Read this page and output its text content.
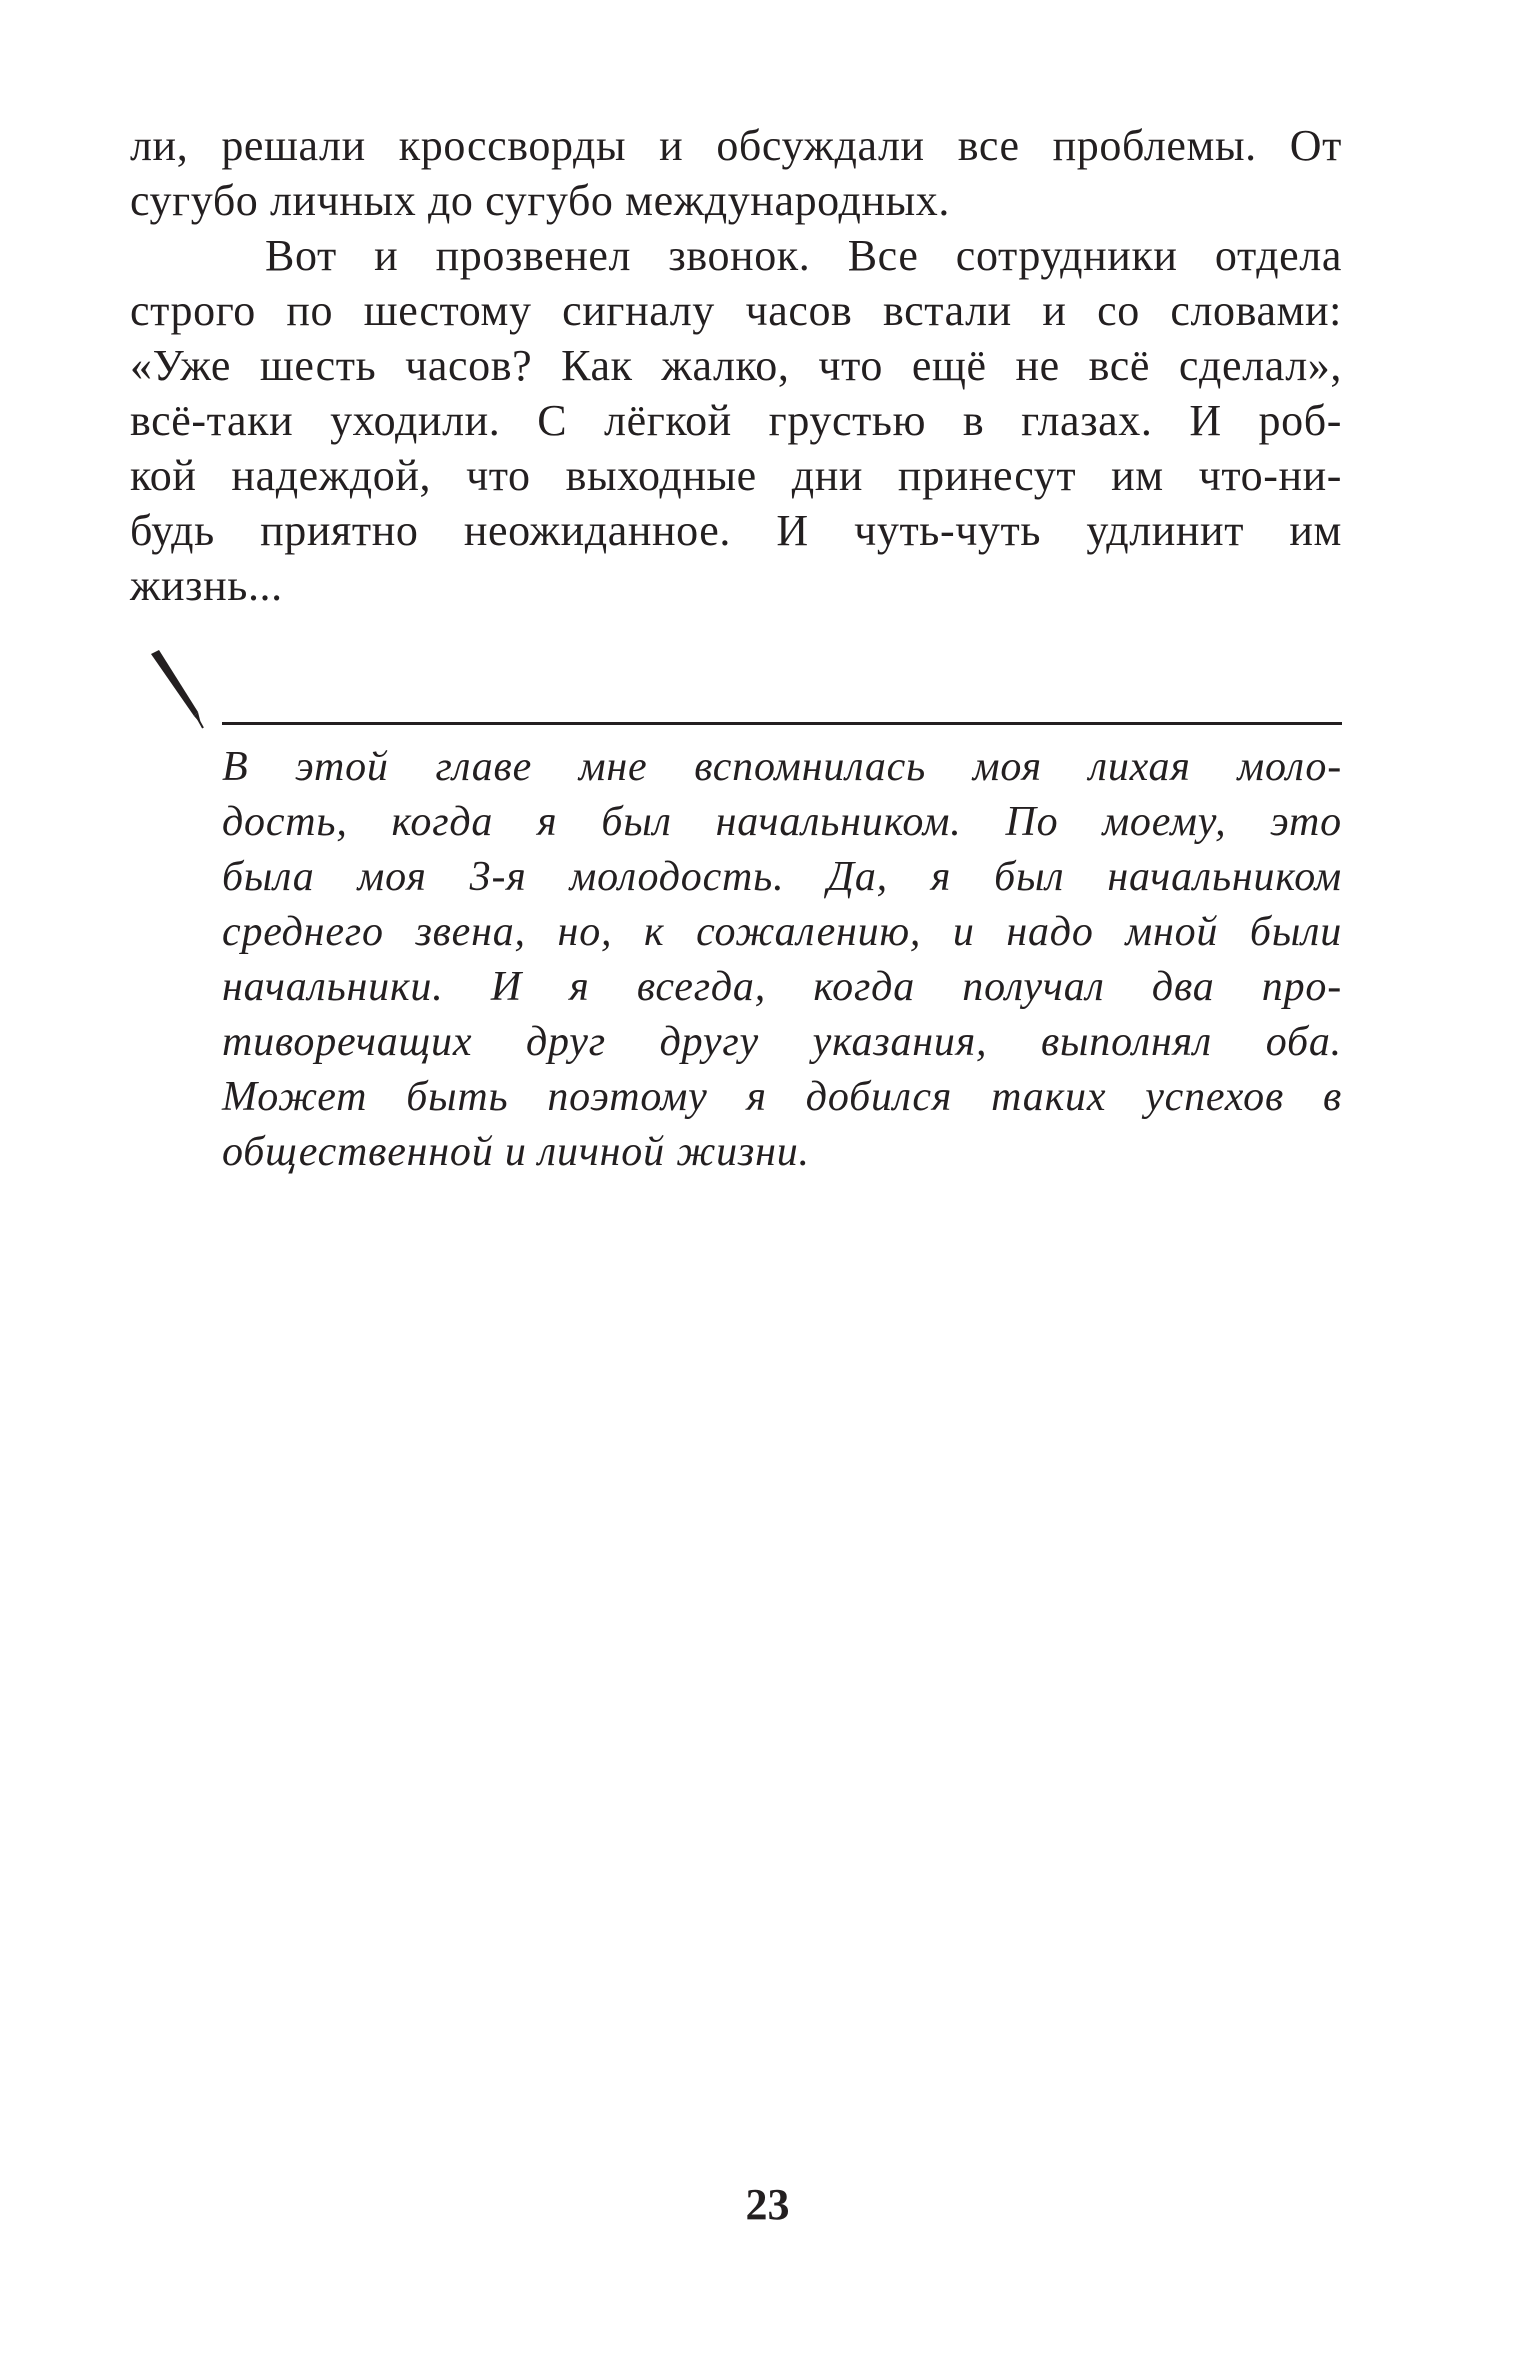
ли, решали кроссворды и обсуждали все проблемы. От
сугубо личных до сугубо международных.
Вот и прозвенел звонок. Все сотрудники отдела
строго по шестому сигналу часов встали и со словами:
«Уже шесть часов? Как жалко, что ещё не всё сделал»,
всё-таки уходили. С лёгкой грустью в глазах. И роб-
кой надеждой, что выходные дни принесут им что-ни-
будь приятно неожиданное. И чуть-чуть удлинит им
жизнь...
В этой главе мне вспомнилась моя лихая моло-
дость, когда я был начальником. По моему, это
была моя 3-я молодость. Да, я был начальником
среднего звена, но, к сожалению, и надо мной были
начальники. И я всегда, когда получал два про-
тиворечащих друг другу указания, выполнял оба.
Может быть поэтому я добился таких успехов в
общественной и личной жизни.
23
